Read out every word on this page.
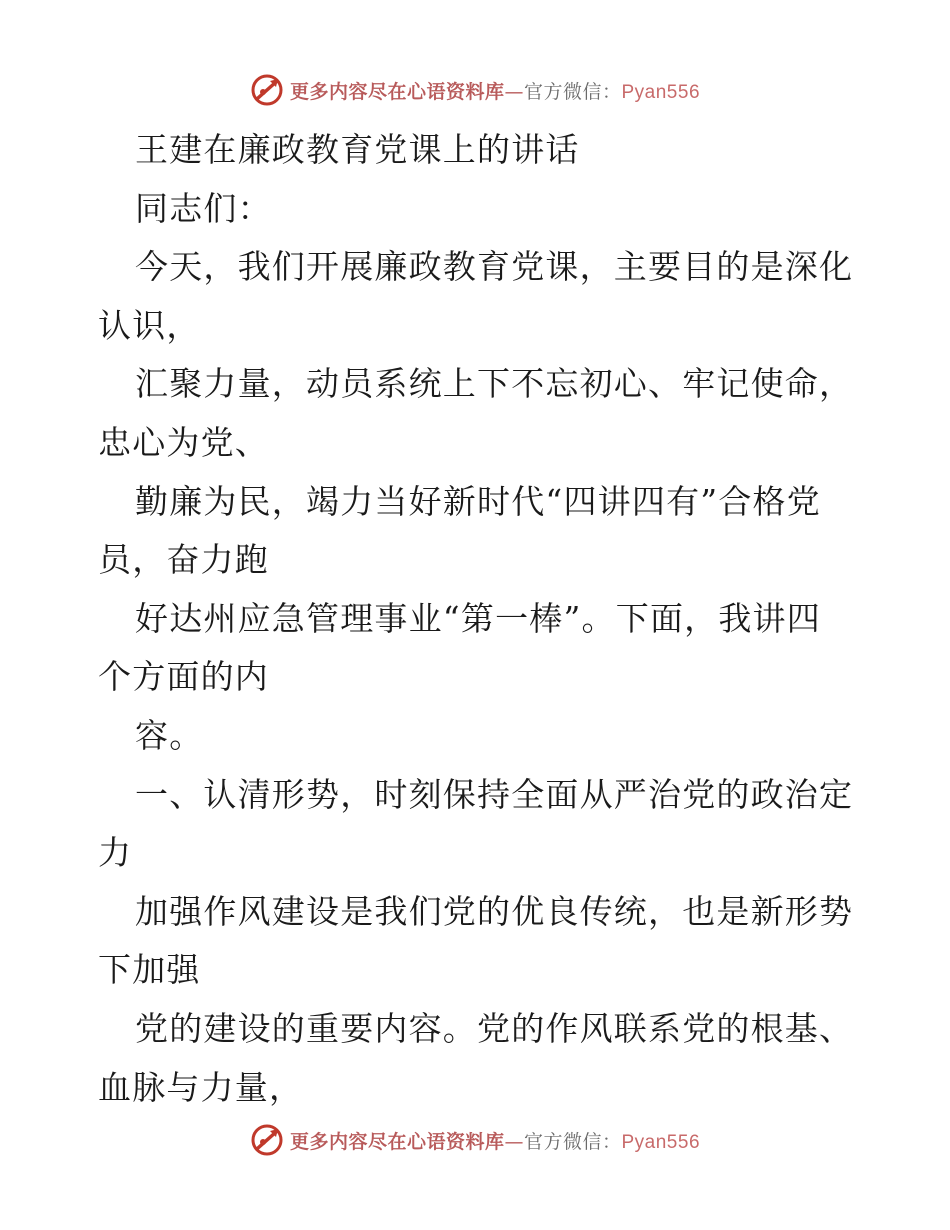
更多内容尽在心语资料库—官方微信：Pyan556
王建在廉政教育党课上的讲话
同志们：
今天，我们开展廉政教育党课，主要目的是深化
认识，
汇聚力量，动员系统上下不忘初心、牢记使命，
忠心为党、
勤廉为民，竭力当好新时代“四讲四有”合格党
员，奋力跑
好达州应急管理事业“第一棒”。下面，我讲四
个方面的内
容。
一、认清形势，时刻保持全面从严治党的政治定
力
加强作风建设是我们党的优良传统，也是新形势
下加强
党的建设的重要内容。党的作风联系党的根基、
血脉与力量，
更多内容尽在心语资料库—官方微信：Pyan556
